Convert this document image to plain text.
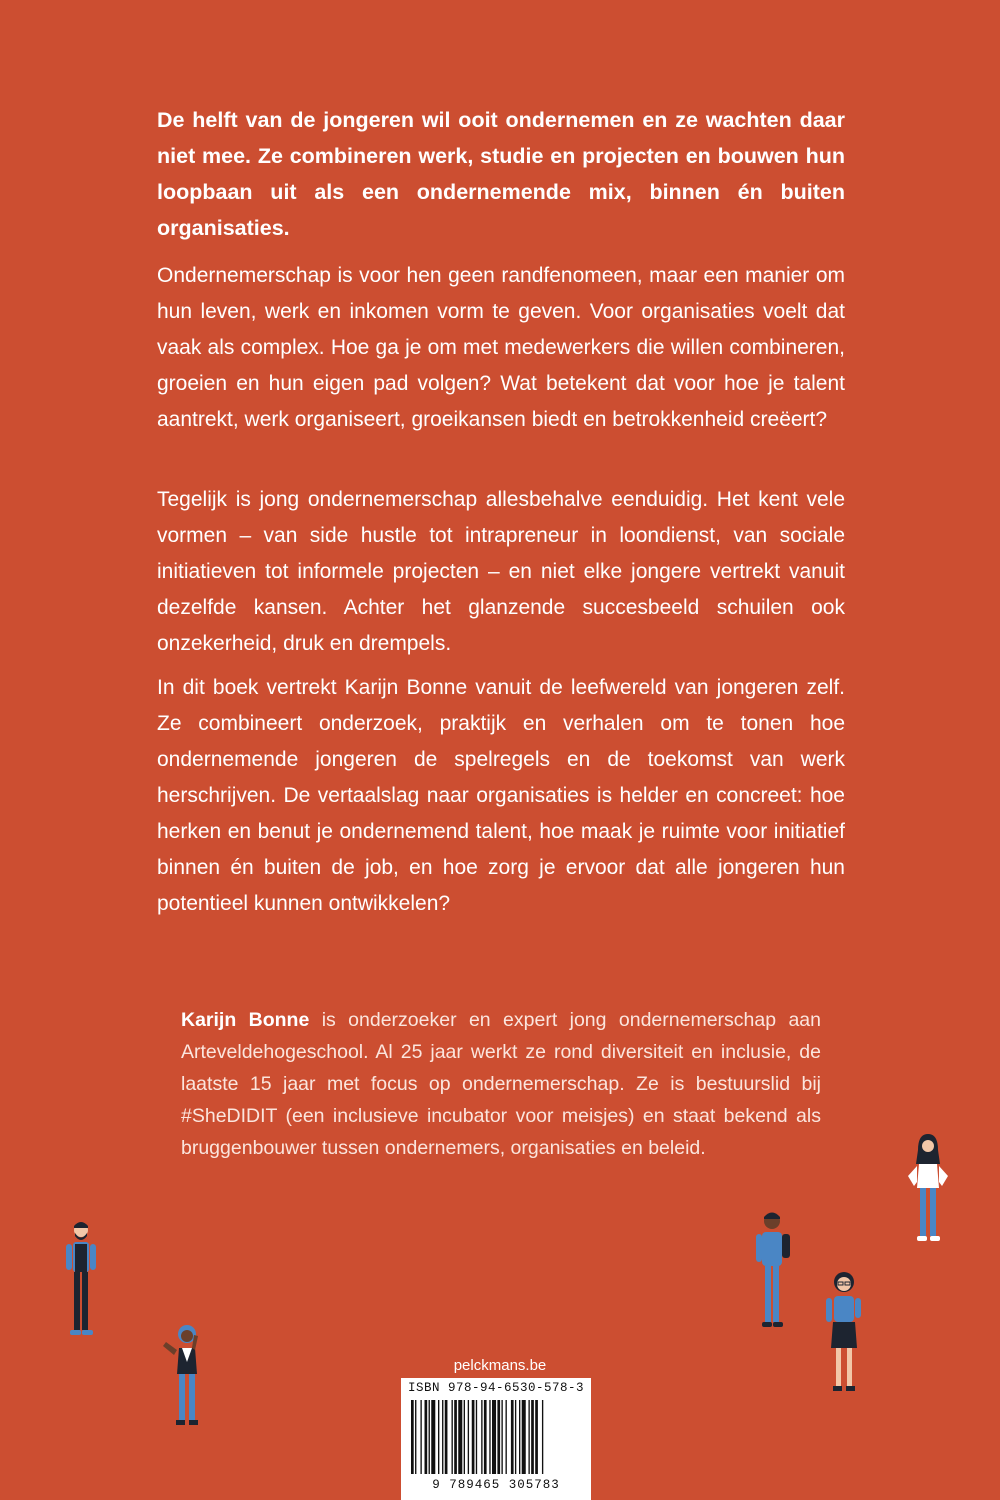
De helft van de jongeren wil ooit ondernemen en ze wachten daar niet mee. Ze combineren werk, studie en projecten en bouwen hun loopbaan uit als een ondernemende mix, binnen én buiten organisaties.

Ondernemerschap is voor hen geen randfenomeen, maar een manier om hun leven, werk en inkomen vorm te geven. Voor organisaties voelt dat vaak als complex. Hoe ga je om met medewerkers die willen combineren, groeien en hun eigen pad volgen? Wat betekent dat voor hoe je talent aantrekt, werk organiseert, groeikansen biedt en betrokkenheid creëert?

Tegelijk is jong ondernemerschap allesbehalve eenduidig. Het kent vele vormen – van side hustle tot intrapreneur in loondienst, van sociale initiatieven tot informele projecten – en niet elke jongere vertrekt vanuit dezelfde kansen. Achter het glanzende succesbeeld schuilen ook onzekerheid, druk en drempels.

In dit boek vertrekt Karijn Bonne vanuit de leefwereld van jongeren zelf. Ze combineert onderzoek, praktijk en verhalen om te tonen hoe ondernemende jongeren de spelregels en de toekomst van werk herschrijven. De vertaalslag naar organisaties is helder en concreet: hoe herken en benut je ondernemend talent, hoe maak je ruimte voor initiatief binnen én buiten de job, en hoe zorg je ervoor dat alle jongeren hun potentieel kunnen ontwikkelen?

Karijn Bonne is onderzoeker en expert jong ondernemerschap aan Arteveldehogeschool. Al 25 jaar werkt ze rond diversiteit en inclusie, de laatste 15 jaar met focus op ondernemerschap. Ze is bestuurslid bij #SheDIDIT (een inclusieve incubator voor meisjes) en staat bekend als bruggenbouwer tussen ondernemers, organisaties en beleid.

pelckmans.be
ISBN 978-94-6530-578-3
9 789465 305783
